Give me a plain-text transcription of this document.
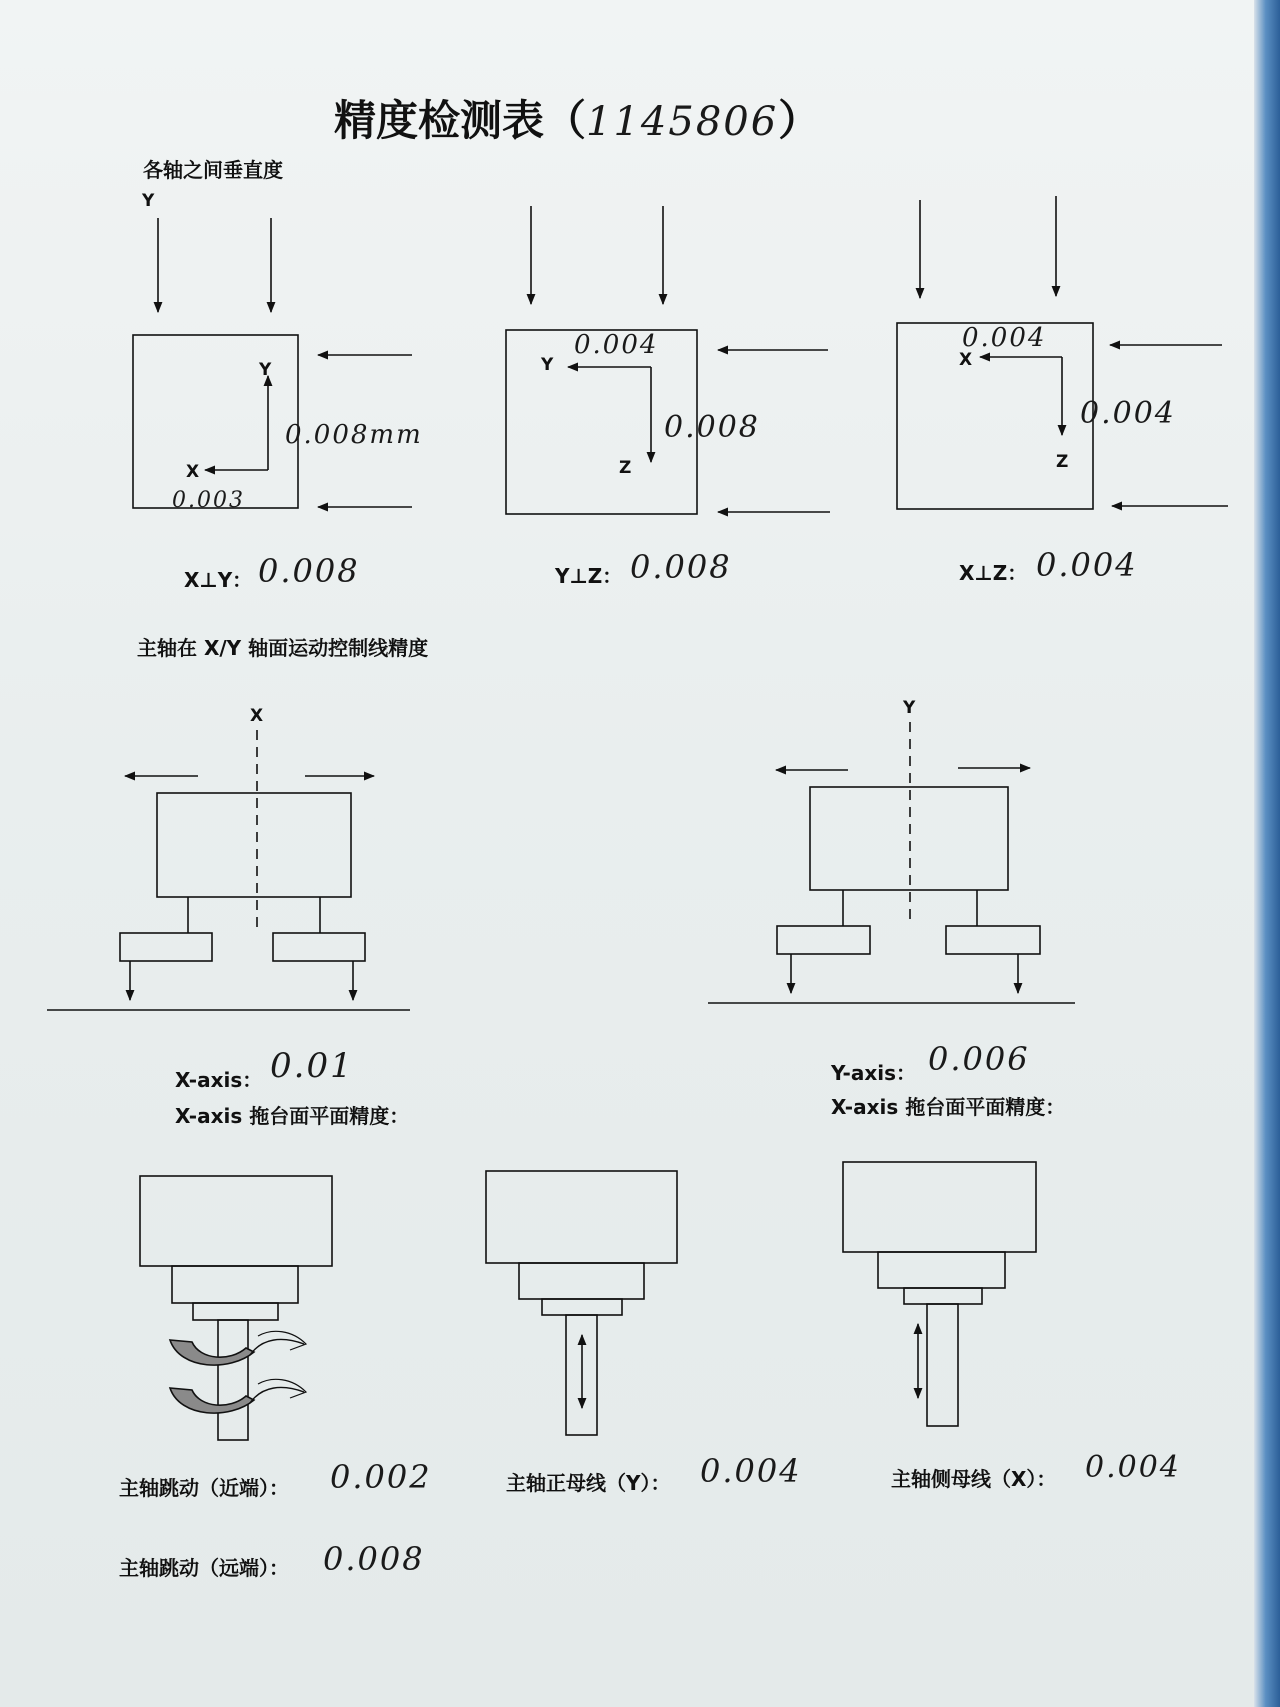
精度检测表（1145806）
各轴之间垂直度
Y
Y
X
0.008mm
0.003
X⊥Y： 0.008
Y
Z
0.004
0.008
Y⊥Z： 0.008
X
Z
0.004
0.004
X⊥Z： 0.004
主轴在 X/Y 轴面运动控制线精度
X	Y
X-axis： 0.01
X-axis 拖台面平面精度：
Y-axis： 0.006
X-axis 拖台面平面精度：
主轴跳动（近端）： 0.002	主轴正母线（Y）： 0.004	主轴侧母线（X）： 0.004
主轴跳动（远端）： 0.008
